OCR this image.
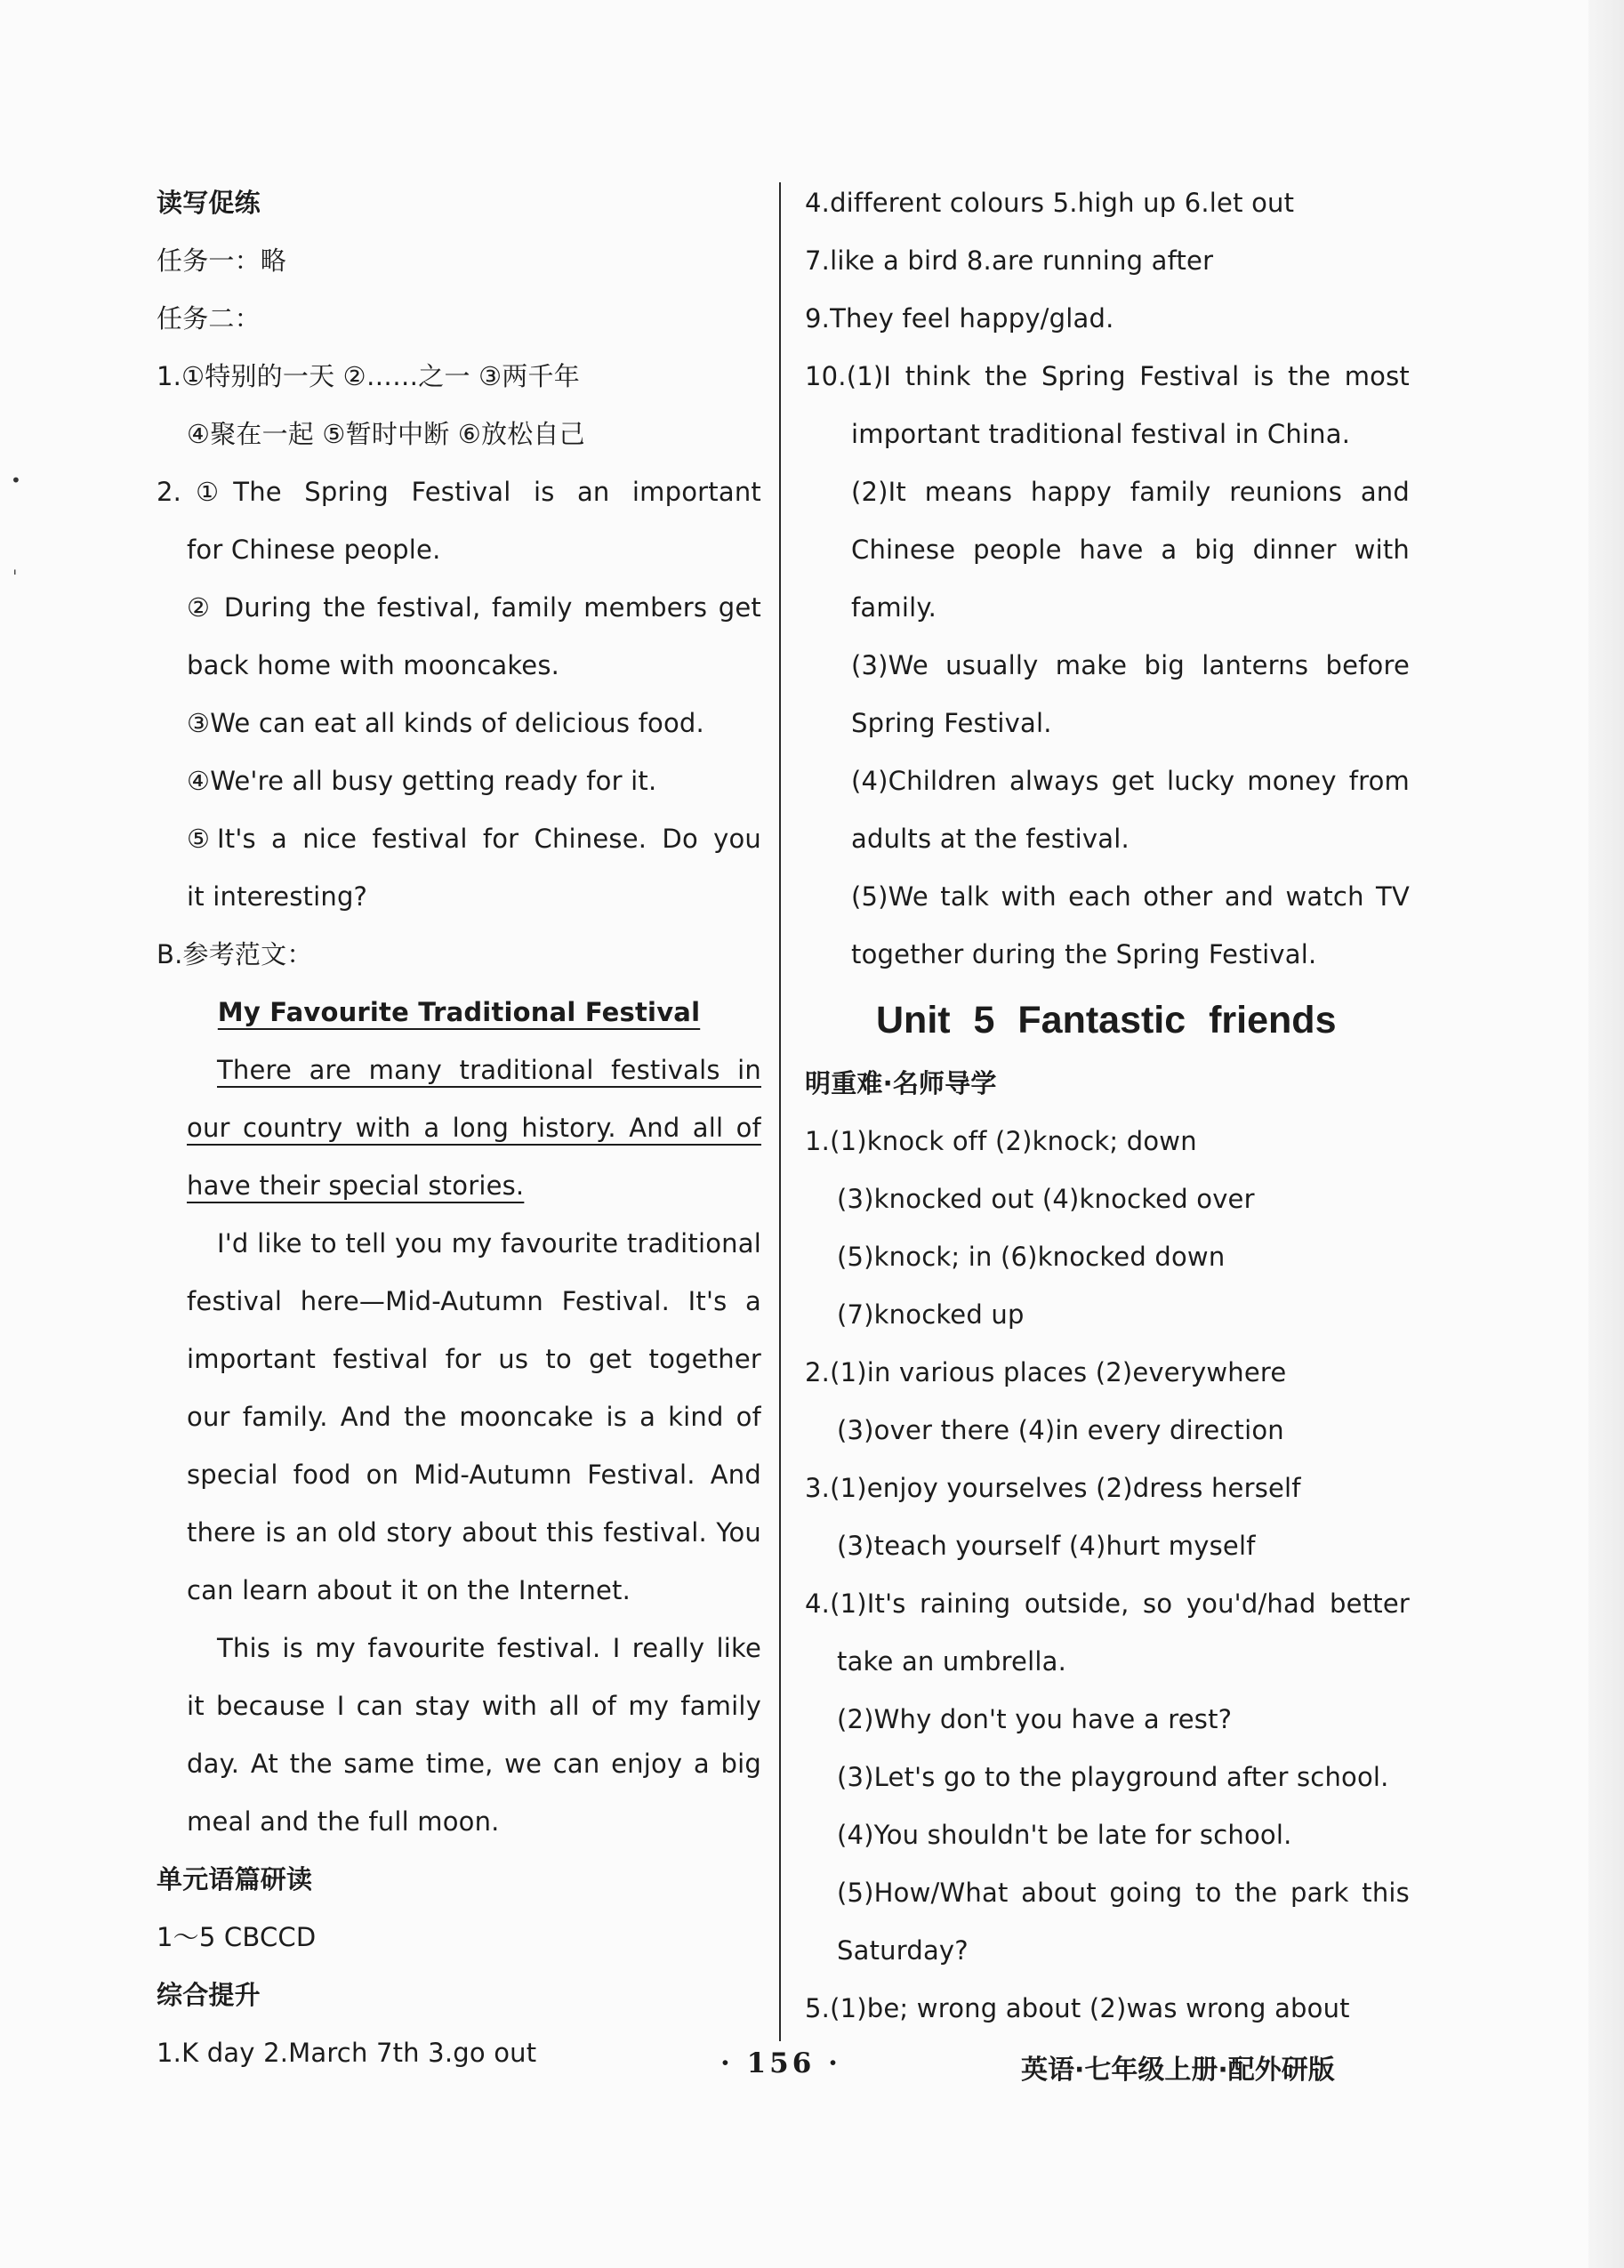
•
ˌ
读写促练
任务一：略
任务二：
1.①特别的一天 ②……之一 ③两千年
④聚在一起 ⑤暂时中断 ⑥放松自己
2.①The Spring Festival is an important
for Chinese people.
② During the festival, family members get
back home with mooncakes.
③We can eat all kinds of delicious food.
④We're all busy getting ready for it.
⑤It's a nice festival for Chinese. Do you
it interesting?
B.参考范文：
My Favourite Traditional Festival
There are many traditional festivals in
our country with a long history. And all of
have their special stories.
I'd like to tell you my favourite traditional
festival here—Mid-Autumn Festival. It's a
important festival for us to get together
our family. And the mooncake is a kind of
special food on Mid-Autumn Festival. And
there is an old story about this festival. You
can learn about it on the Internet.
This is my favourite festival. I really like
it because I can stay with all of my family
day. At the same time, we can enjoy a big
meal and the full moon.
单元语篇研读
1～5 CBCCD
综合提升
1.K day 2.March 7th 3.go out
4.different colours 5.high up 6.let out
7.like a bird 8.are running after
9.They feel happy/glad.
10.(1)I think the Spring Festival is the most
important traditional festival in China.
(2)It means happy family reunions and
Chinese people have a big dinner with
family.
(3)We usually make big lanterns before
Spring Festival.
(4)Children always get lucky money from
adults at the festival.
(5)We talk with each other and watch TV
together during the Spring Festival.
Unit 5 Fantastic friends
明重难·名师导学
1.(1)knock off (2)knock; down
(3)knocked out (4)knocked over
(5)knock; in (6)knocked down
(7)knocked up
2.(1)in various places (2)everywhere
(3)over there (4)in every direction
3.(1)enjoy yourselves (2)dress herself
(3)teach yourself (4)hurt myself
4.(1)It's raining outside, so you'd/had better
take an umbrella.
(2)Why don't you have a rest?
(3)Let's go to the playground after school.
(4)You shouldn't be late for school.
(5)How/What about going to the park this
Saturday?
5.(1)be; wrong about (2)was wrong about
· 156 ·	英语·七年级上册·配外研版
